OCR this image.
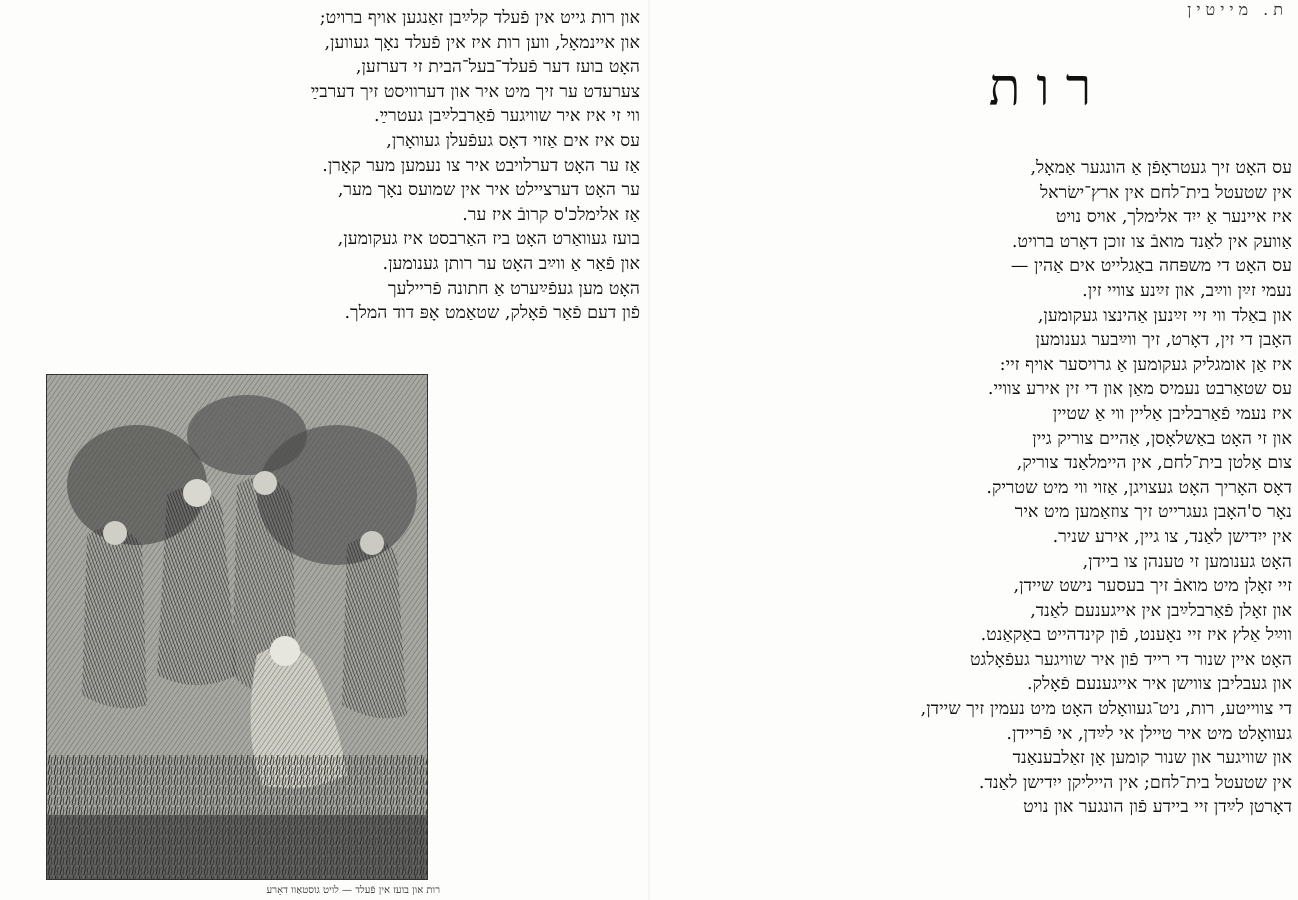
און רות גייט אין פֿעלד קלײַבן זאַנגען אויף ברויט;
און איינמאָל, ווען רות איז אין פֿעלד נאָך געווען,
האָט בועז דער פֿעלד־בעל־הבית זי דערזען,
צערעדט ער זיך מיט איר און דערוויסט זיך דערבײַ
ווי זי איז איר שוויגער פֿאַרבלײַבן געטרײַ.
עס איז אים אַזוי דאָס געפֿעלן געוואָרן,
אַז ער האָט דערלויבט איר צו נעמען מער קאָרן.
ער האָט דערציילט איר אין שמועס נאָך מער,
אַז אלימלכ'ס קרובֿ איז ער.
בועז געוואַרט האָט ביז האַרבסט איז געקומען,
און פֿאַר אַ ווײַב האָט ער רותן גענומען.
האָט מען געפֿײַערט אַ חתונה פֿריילעך
פֿון דעם פֿאַר פֿאָלק, שטאַמט אָפּ דוד המלך.
רות און בועז אין פֿעלד — לויט גוסטאַוו דאָרע
ת. מייטין
רות
עס האָט זיך געטראָפֿן אַ הונגער אַמאָל,
אין שטעטל בית־לחם אין ארץ־ישׂראל
איז איינער אַ ייִד אלימלך, אויס נויט
אַוועק אין לאַנד מואבֿ צו זוכן דאָרט ברויט.
עס האָט די משפּחה באַגלייט אים אַהין —
נעמי זײַן ווײַב, און זײַנע צוויי זין.
און באַלד ווי זיי זײַנען אַהינצו געקומען,
האָבן די זין, דאָרט, זיך ווײַבער גענומען
איז אַן אומגליק געקומען אַ גרויסער אויף זיי:
עס שטאַרבט נעמיס מאַן און די זין אירע צוויי.
איז נעמי פֿאַרבליבן אַליין ווי אַ שטיין
און זי האָט באַשלאָסן, אַהיים צוריק גיין
צום אַלטן בית־לחם, אין היימלאַנד צוריק,
דאָס האָריך האָט געצויגן, אַזוי ווי מיט שטריק.
נאָר ס'האָבן געגרייט זיך צוזאַמען מיט איר
אין ייִדישן לאַנד, צו גיין, אירע שניר.
האָט גענומען זי טענהן צו ביידן,
זיי זאָלן מיט מואבֿ זיך בעסער נישט שיידן,
און זאָלן פֿאַרבלײַבן אין אייגענעם לאַנד,
ווײַל אַלץ איז זיי נאָענט, פֿון קינדהייט באַקאַנט.
האָט איין שנור די רייד פֿון איר שוויגער געפֿאָלגט
און געבליבן צווישן איר אייגענעם פֿאָלק.
די צווייטע, רות, ניט־געוואָלט האָט מיט נעמין זיך שיידן,
געוואָלט מיט איר טיילן אי לײַדן, אי פֿריידן.
און שוויגער און שנור קומען אָן זאַלבענאַנד
אין שטעטל בית־לחם; אין הייליקן ייִדישן לאַנד.
דאָרטן לײַדן זיי ביידע פֿון הונגער און נויט
